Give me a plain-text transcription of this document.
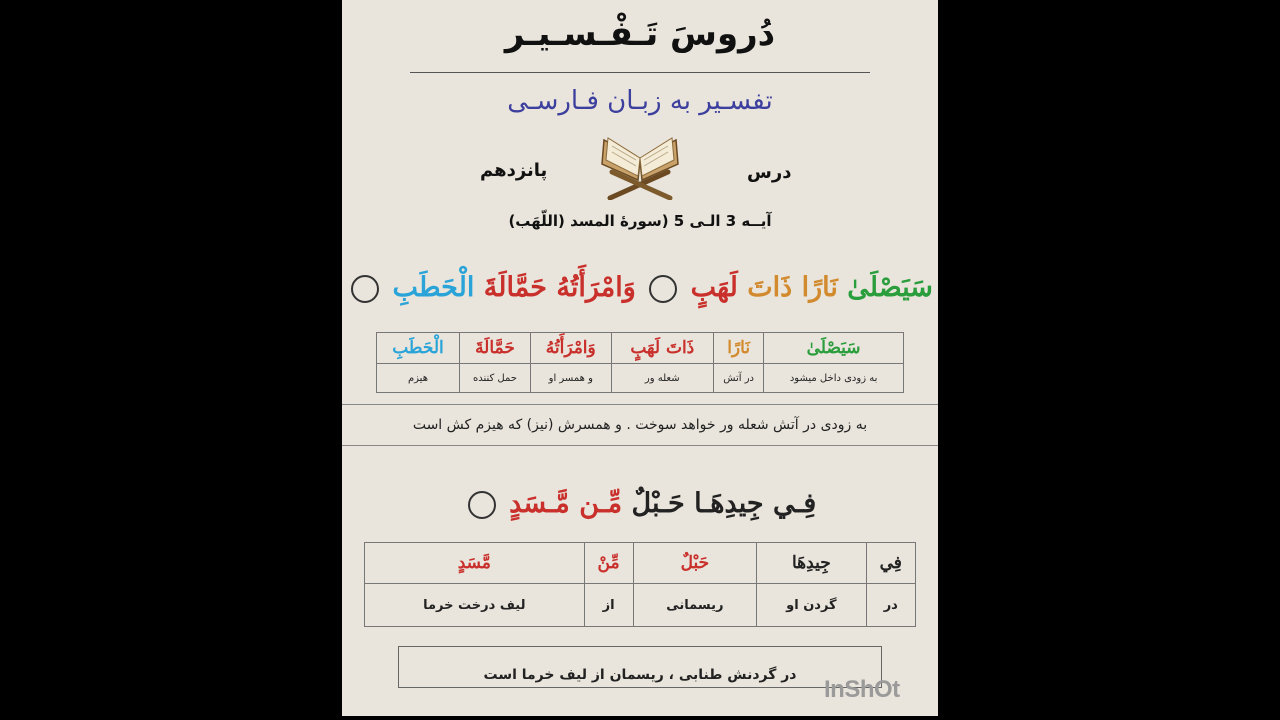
دُروسَ تَـفْـسـيـر
تفسـیر به زبـان فـارسـی
درس
پانزدهم
آیــه 3 الـی 5 (سورهٔ المسد (اللّهَب)
سَيَصْلَىٰ نَارًا ذَاتَ لَهَبٍ  وَامْرَأَتُهُ حَمَّالَةَ الْحَطَبِ
سَيَصْلَىٰ	نَارًا	ذَاتَ لَهَبٍ	وَامْرَأَتُهُ	حَمَّالَةَ	الْحَطَبِ
به زودی داخل میشود	در آتش	شعله ور	و همسر او	حمل کننده	هیزم
به زودی در آتش شعله ور خواهد سوخت . و همسرش (نیز) که هیزم کش است
فِـي جِيدِهَـا حَـبْلٌ مِّـن مَّـسَدٍ
فِي	جِيدِهَا	حَبْلٌ	مِّنْ	مَّسَدٍ
در	گردن او	ریسمانی	از	لیف درخت خرما
در گردنش طنابی ، ریسمان از لیف خرما است
InShOt
